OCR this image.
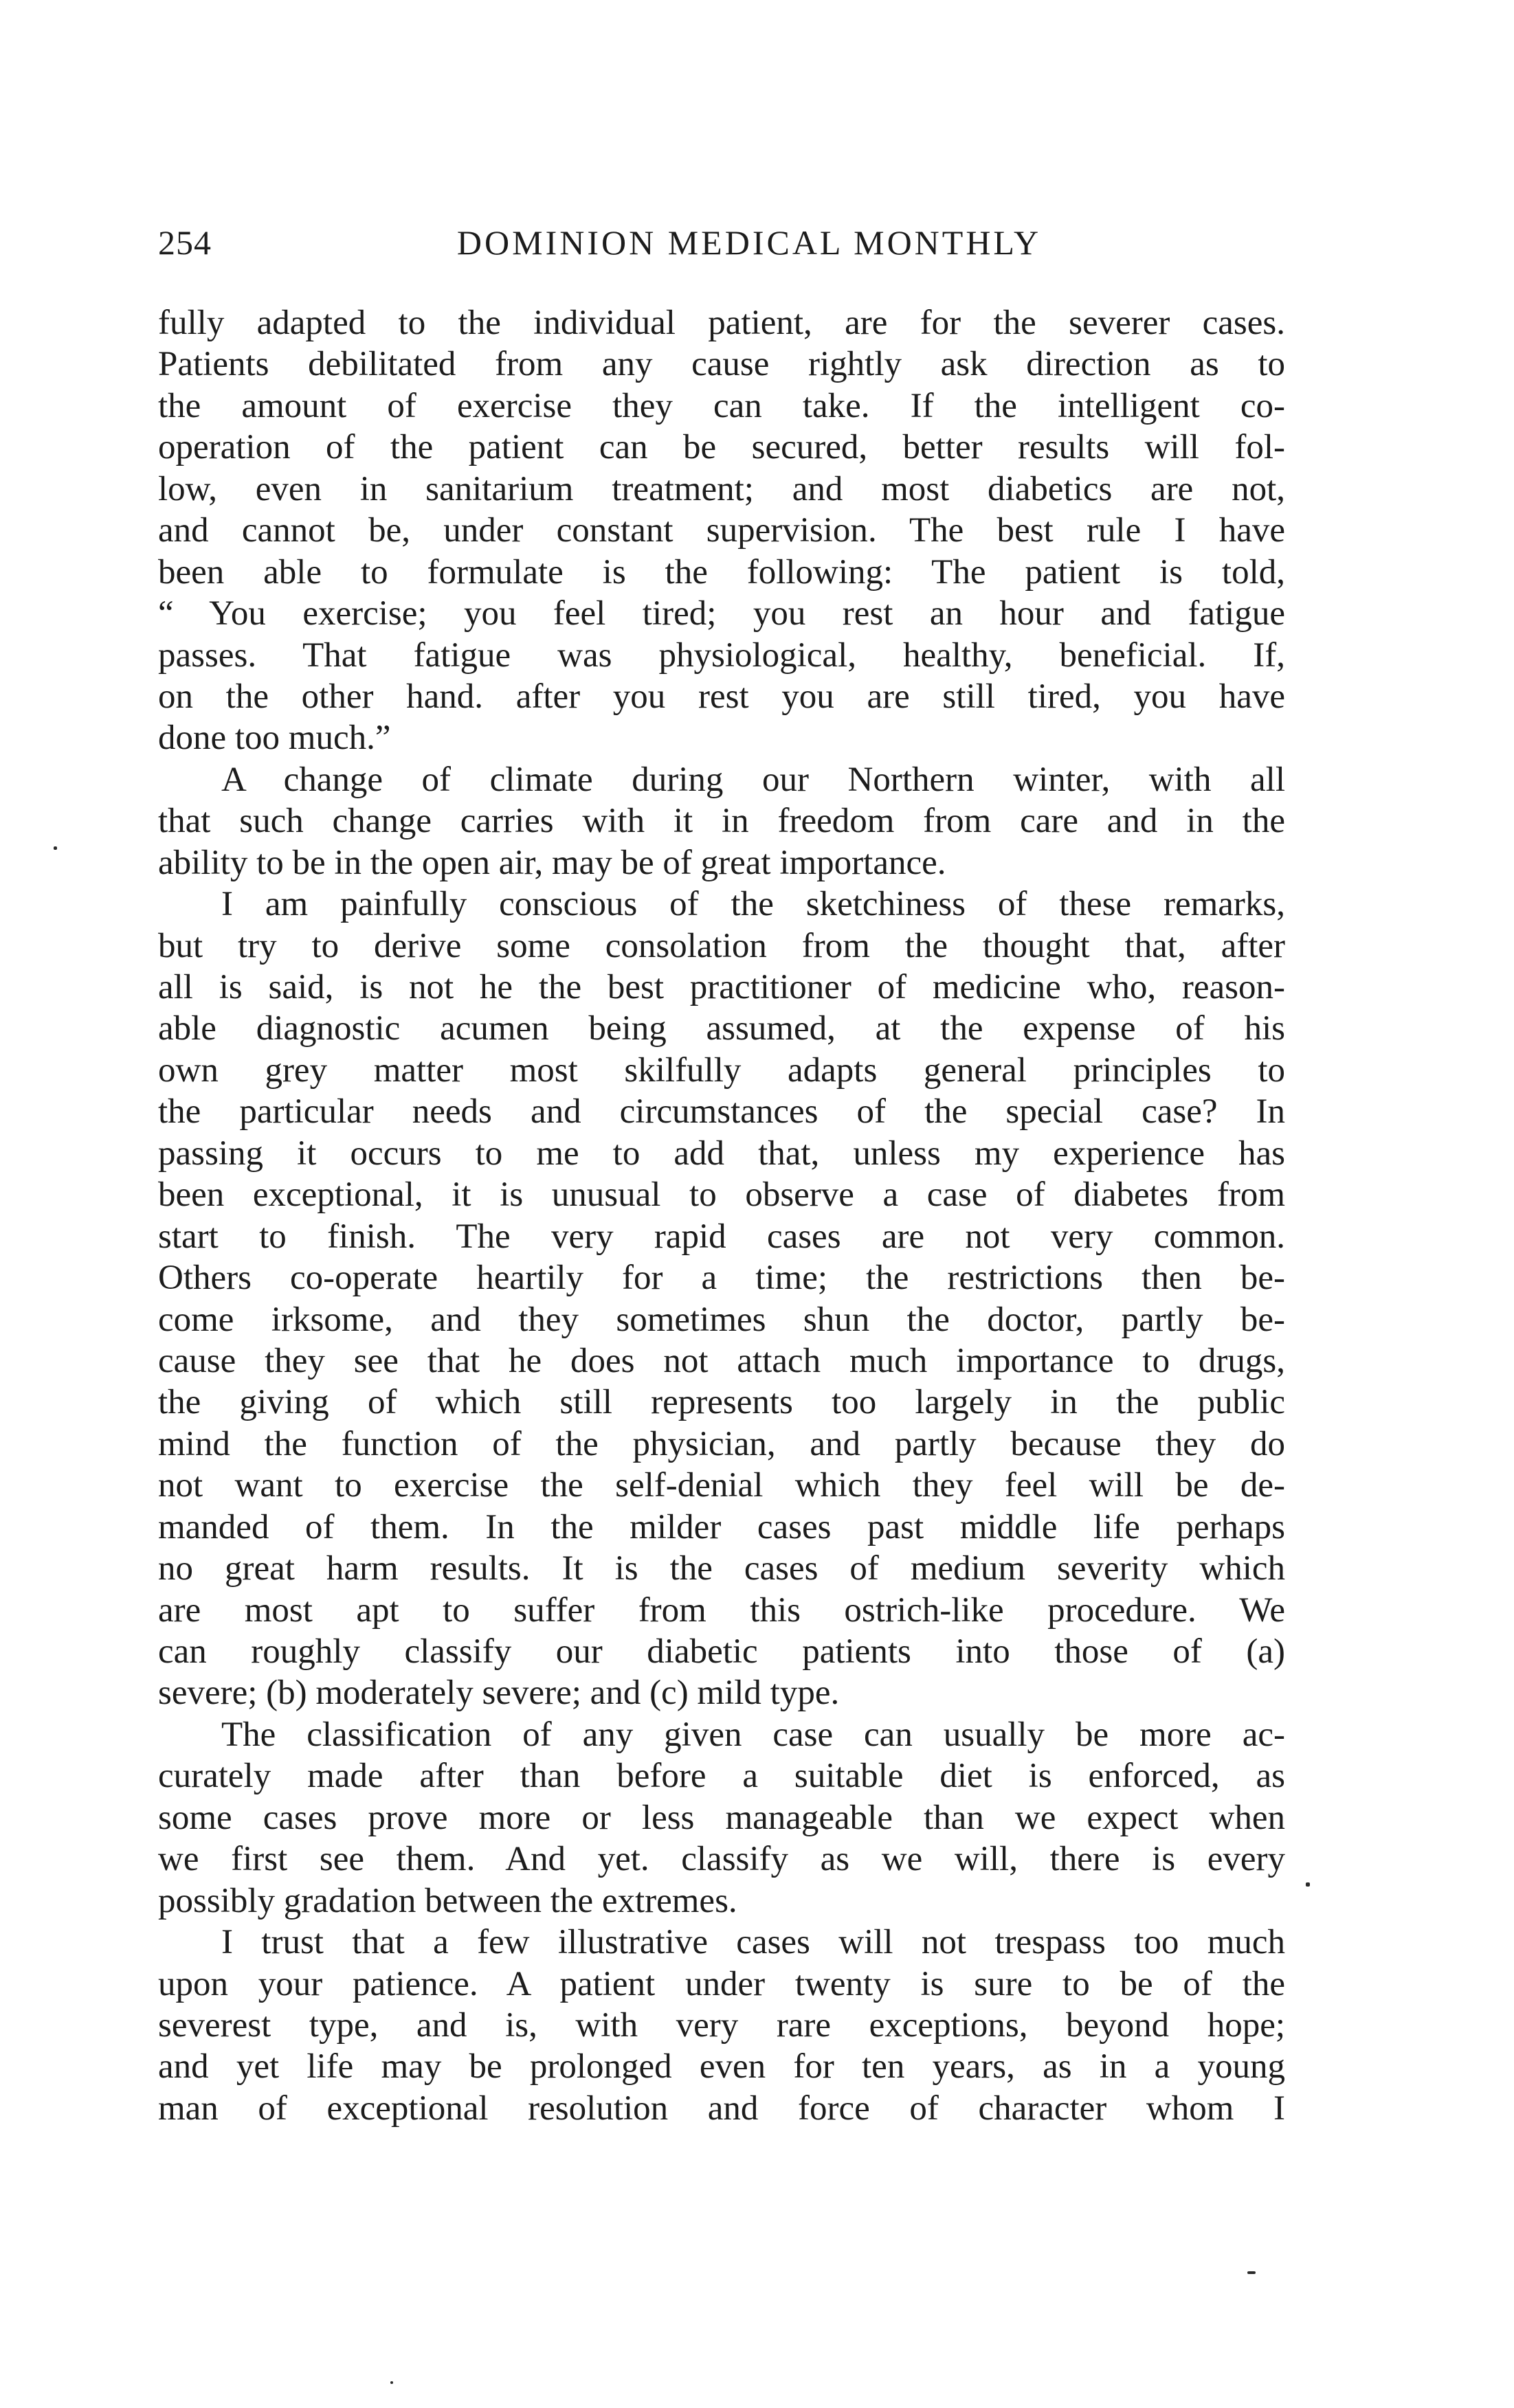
254	DOMINION MEDICAL MONTHLY
fully adapted to the individual patient, are for the severer cases.
Patients debilitated from any cause rightly ask direction as to
the amount of exercise they can take. If the intelligent co-
operation of the patient can be secured, better results will fol-
low, even in sanitarium treatment; and most diabetics are not,
and cannot be, under constant supervision. The best rule I have
been able to formulate is the following: The patient is told,
“ You exercise; you feel tired; you rest an hour and fatigue
passes. That fatigue was physiological, healthy, beneficial. If,
on the other hand. after you rest you are still tired, you have
done too much.”
A change of climate during our Northern winter, with all
that such change carries with it in freedom from care and in the
ability to be in the open air, may be of great importance.
I am painfully conscious of the sketchiness of these remarks,
but try to derive some consolation from the thought that, after
all is said, is not he the best practitioner of medicine who, reason-
able diagnostic acumen being assumed, at the expense of his
own grey matter most skilfully adapts general principles to
the particular needs and circumstances of the special case? In
passing it occurs to me to add that, unless my experience has
been exceptional, it is unusual to observe a case of diabetes from
start to finish. The very rapid cases are not very common.
Others co-operate heartily for a time; the restrictions then be-
come irksome, and they sometimes shun the doctor, partly be-
cause they see that he does not attach much importance to drugs,
the giving of which still represents too largely in the public
mind the function of the physician, and partly because they do
not want to exercise the self-denial which they feel will be de-
manded of them. In the milder cases past middle life perhaps
no great harm results. It is the cases of medium severity which
are most apt to suffer from this ostrich-like procedure. We
can roughly classify our diabetic patients into those of (a)
severe; (b) moderately severe; and (c) mild type.
The classification of any given case can usually be more ac-
curately made after than before a suitable diet is enforced, as
some cases prove more or less manageable than we expect when
we first see them. And yet. classify as we will, there is every
possibly gradation between the extremes.
I trust that a few illustrative cases will not trespass too much
upon your patience. A patient under twenty is sure to be of the
severest type, and is, with very rare exceptions, beyond hope;
and yet life may be prolonged even for ten years, as in a young
man of exceptional resolution and force of character whom I
